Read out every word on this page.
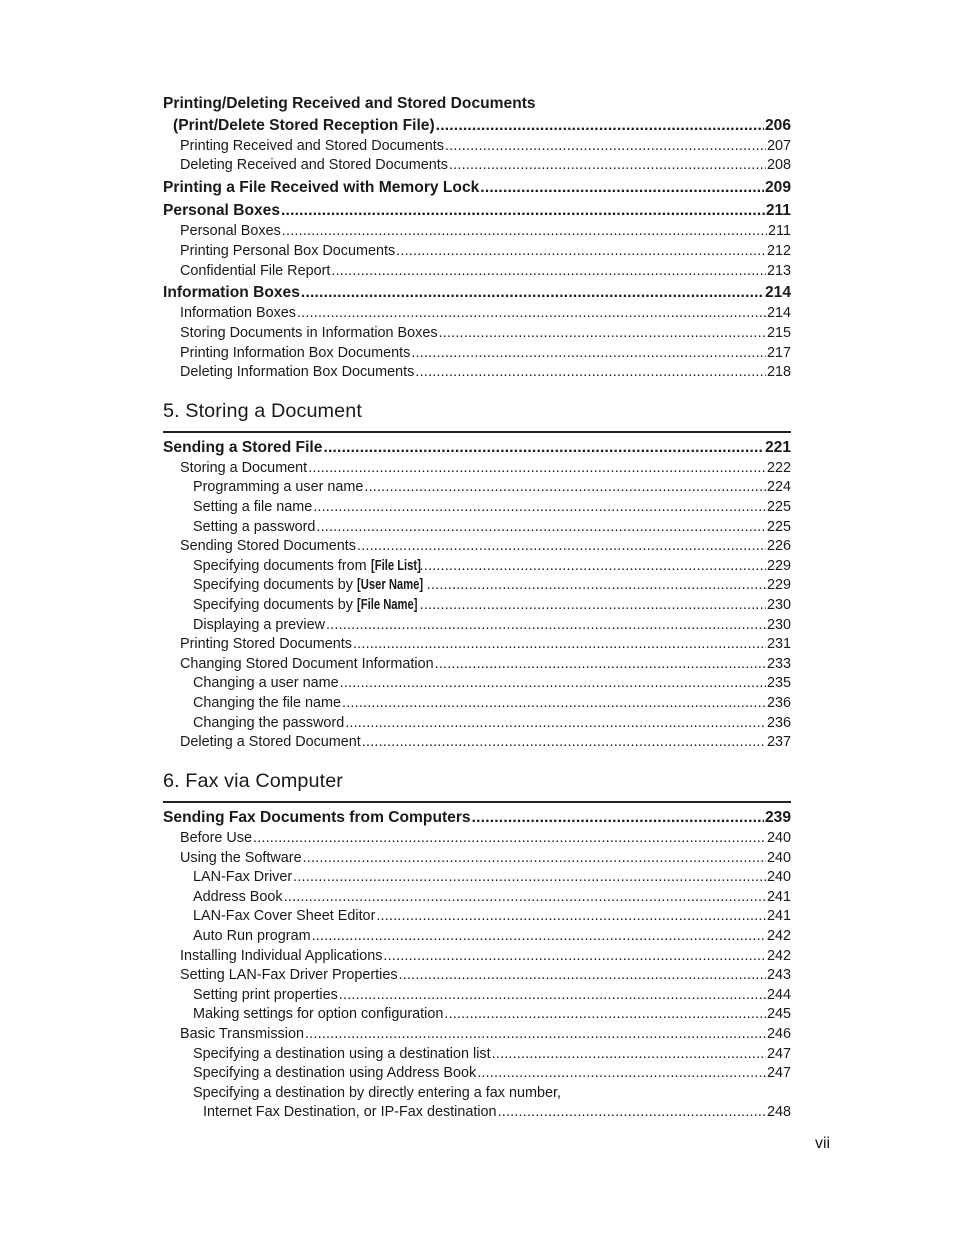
Printing/Deleting Received and Stored Documents
(Print/Delete Stored Reception File) .....	206
Printing Received and Stored Documents .....	207
Deleting Received and Stored Documents .....	208
Printing a File Received with Memory Lock .....	209
Personal Boxes .....	211
Personal Boxes .....	211
Printing Personal Box Documents .....	212
Confidential File Report .....	213
Information Boxes .....	214
Information Boxes .....	214
Storing Documents in Information Boxes .....	215
Printing Information Box Documents .....	217
Deleting Information Box Documents .....	218
5. Storing a Document
Sending a Stored File .....	221
Storing a Document .....	222
Programming a user name .....	224
Setting a file name .....	225
Setting a password .....	225
Sending Stored Documents .....	226
Specifying documents from [File List] .....	229
Specifying documents by [User Name] .....	229
Specifying documents by [File Name] .....	230
Displaying a preview .....	230
Printing Stored Documents .....	231
Changing Stored Document Information .....	233
Changing a user name .....	235
Changing the file name .....	236
Changing the password .....	236
Deleting a Stored Document .....	237
6. Fax via Computer
Sending Fax Documents from Computers .....	239
Before Use .....	240
Using the Software .....	240
LAN-Fax Driver .....	240
Address Book .....	241
LAN-Fax Cover Sheet Editor .....	241
Auto Run program .....	242
Installing Individual Applications .....	242
Setting LAN-Fax Driver Properties .....	243
Setting print properties .....	244
Making settings for option configuration .....	245
Basic Transmission .....	246
Specifying a destination using a destination list .....	247
Specifying a destination using Address Book .....	247
Specifying a destination by directly entering a fax number,
Internet Fax Destination, or IP-Fax destination .....	248
vii
